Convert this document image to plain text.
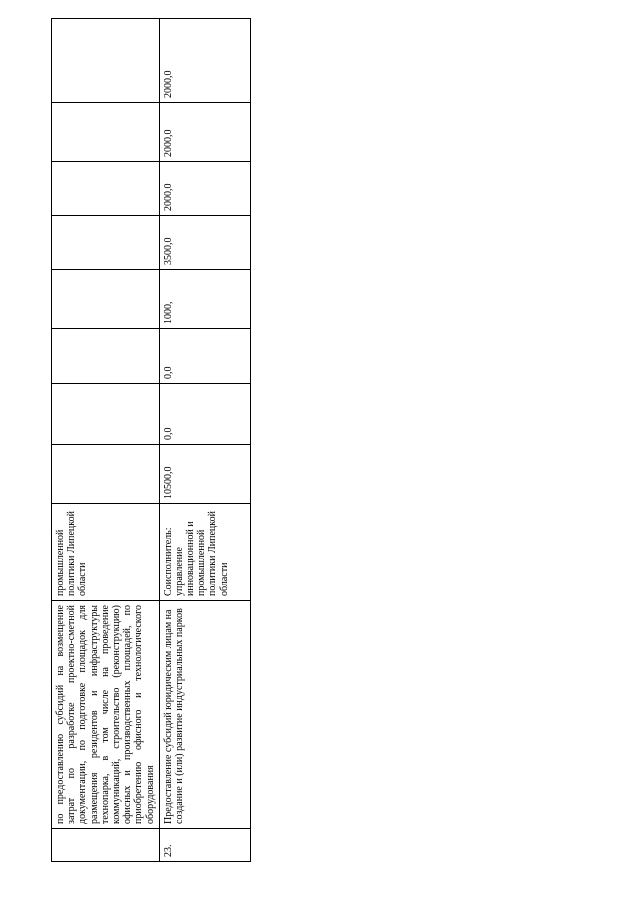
	по предоставлению субсидий на возмещение затрат по разработке проектно-сметной документации, по подготовке площадок для размещения резидентов и инфраструктуры технопарка, в том числе на проведение коммуникаций, строительство (реконструкцию) офисных и производственных площадей, по приобретению офисного и технологического оборудования	промышленной политики Липецкой области								
23.	Предоставление субсидий юридическим лицам на создание и (или) развитие индустриальных парков	Соисполнитель: управление инновационной и промышленной политики Липецкой области	10500,0	0,0	0,0	1000,	3500,0	2000,0	2000,0	2000,0
